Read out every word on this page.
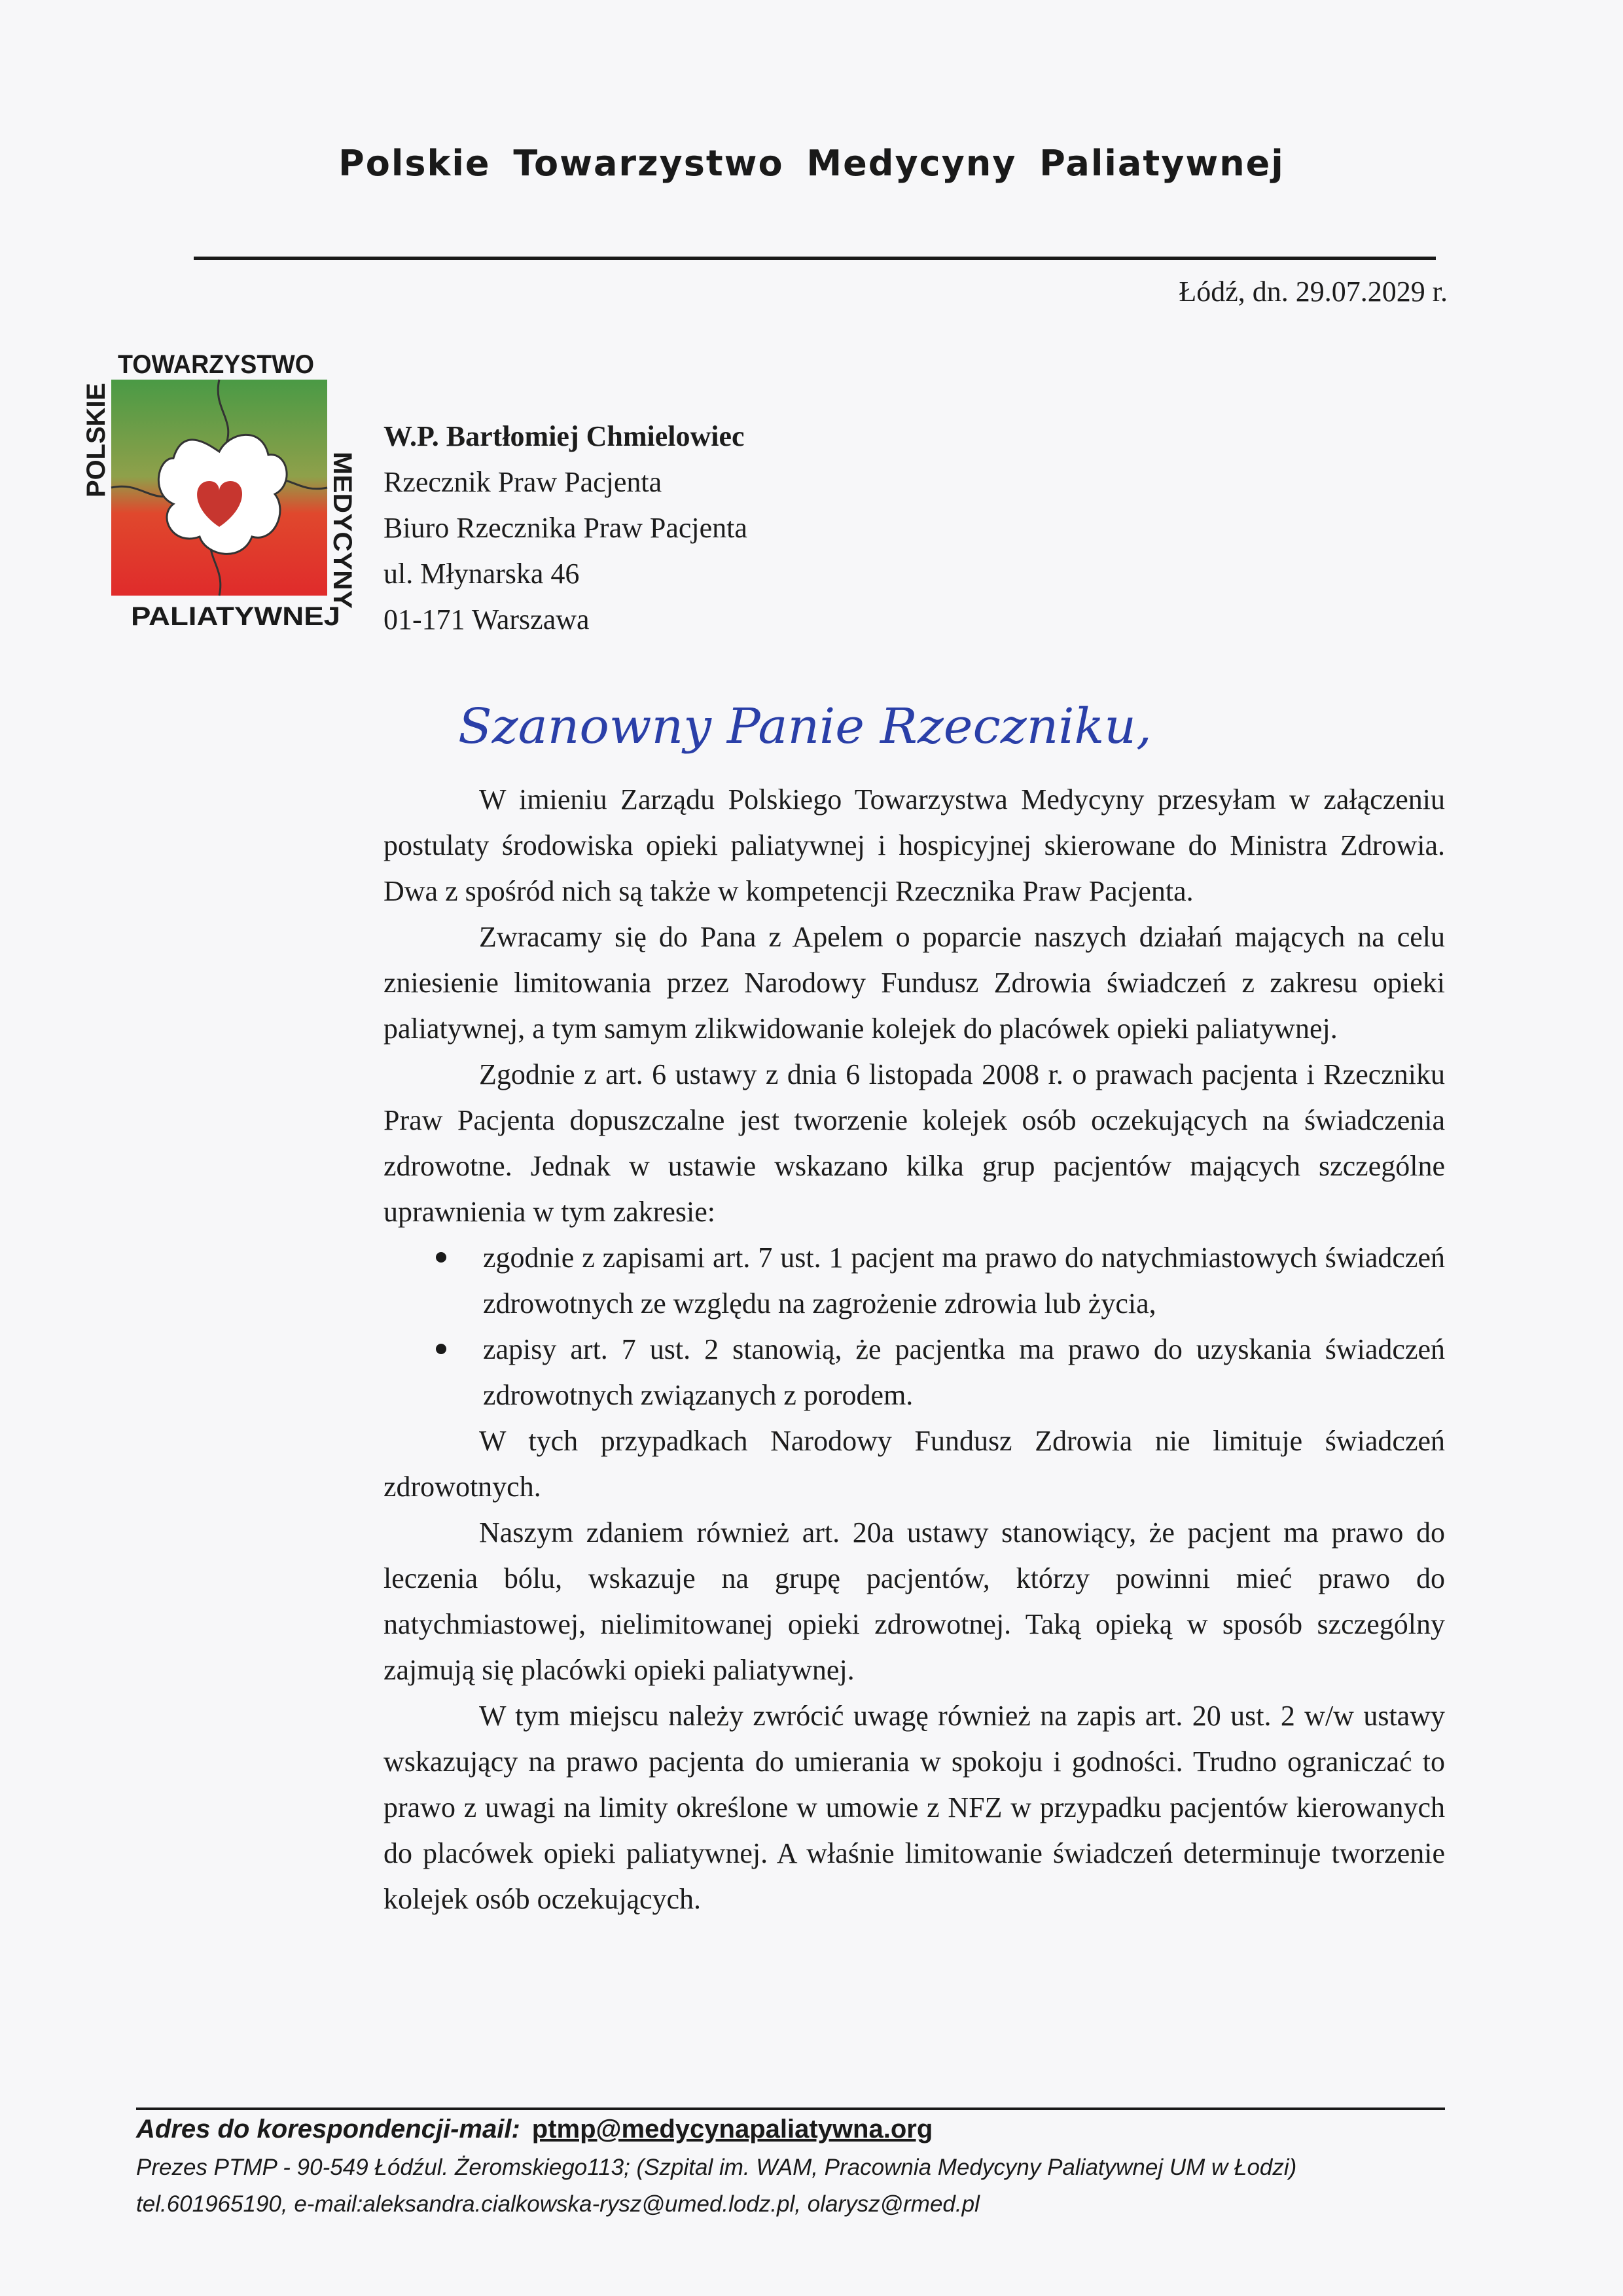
Polskie Towarzystwo Medycyny Paliatywnej
Łódź, dn. 29.07.2029 r.
TOWARZYSTWO
POLSKIE
MEDYCYNY
PALIATYWNEJ
W.P. Bartłomiej Chmielowiec
Rzecznik Praw Pacjenta
Biuro Rzecznika Praw Pacjenta
ul. Młynarska 46
01-171 Warszawa
Szanowny Panie Rzeczniku,

W imieniu Zarządu Polskiego Towarzystwa Medycyny przesyłam w załączeniu postulaty środowiska opieki paliatywnej i hospicyjnej skierowane do Ministra Zdrowia. Dwa z spośród nich są także w kompetencji Rzecznika Praw Pacjenta.

Zwracamy się do Pana z Apelem o poparcie naszych działań mających na celu zniesienie limitowania przez Narodowy Fundusz Zdrowia świadczeń z zakresu opieki paliatywnej, a tym samym zlikwidowanie kolejek do placówek opieki paliatywnej.

Zgodnie z art. 6 ustawy z dnia 6 listopada 2008 r. o prawach pacjenta i Rzeczniku Praw Pacjenta dopuszczalne jest tworzenie kolejek osób oczekujących na świadczenia zdrowotne. Jednak w ustawie wskazano kilka grup pacjentów mających szczególne uprawnienia w tym zakresie:

zgodnie z zapisami art. 7 ust. 1 pacjent ma prawo do natychmiastowych świadczeń zdrowotnych ze względu na zagrożenie zdrowia lub życia,
zapisy art. 7 ust. 2 stanowią, że pacjentka ma prawo do uzyskania świadczeń zdrowotnych związanych z porodem.

W tych przypadkach Narodowy Fundusz Zdrowia nie limituje świadczeń zdrowotnych.

Naszym zdaniem również art. 20a ustawy stanowiący, że pacjent ma prawo do leczenia bólu, wskazuje na grupę pacjentów, którzy powinni mieć prawo do natychmiastowej, nielimitowanej opieki zdrowotnej. Taką opieką w sposób szczególny zajmują się placówki opieki paliatywnej.

W tym miejscu należy zwrócić uwagę również na zapis art. 20 ust. 2 w/w ustawy wskazujący na prawo pacjenta do umierania w spokoju i godności. Trudno ograniczać to prawo z uwagi na limity określone w umowie z NFZ w przypadku pacjentów kierowanych do placówek opieki paliatywnej. A właśnie limitowanie świadczeń determinuje tworzenie kolejek osób oczekujących.

Adres do korespondencji-mail: ptmp@medycynapaliatywna.org
Prezes PTMP - 90-549 Łódźul. Żeromskiego113; (Szpital im. WAM, Pracownia Medycyny Paliatywnej UM w Łodzi)
tel.601965190, e-mail:aleksandra.cialkowska-rysz@umed.lodz.pl, olarysz@rmed.pl
